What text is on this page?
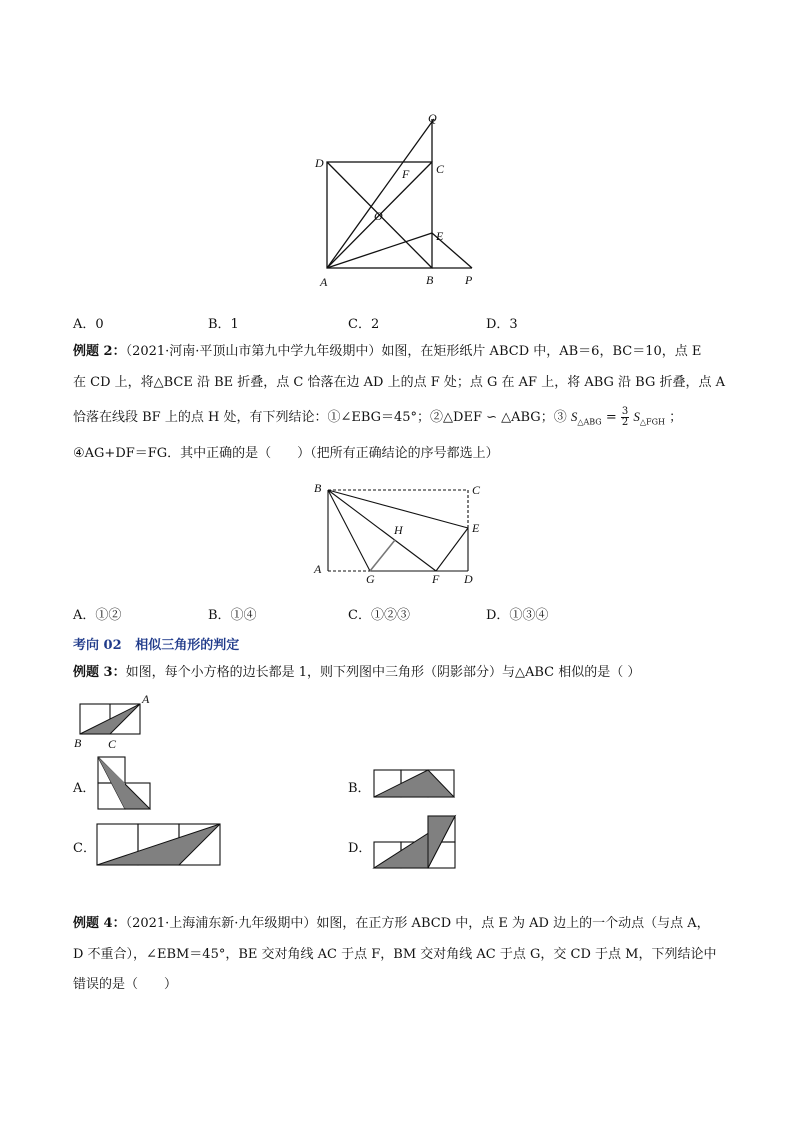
Q
D	C
F
O
E
A	B	P
A．0	B．1	C．2	D．3
例题 2：（2021·河南·平顶山市第九中学九年级期中）如图，在矩形纸片 ABCD 中，AB＝6，BC＝10，点 E
在 CD 上，将△BCE 沿 BE 折叠，点 C 恰落在边 AD 上的点 F 处；点 G 在 AF 上，将 ABG 沿 BG 折叠，点 A
恰落在线段 BF 上的点 H 处，有下列结论：①∠EBG＝45°；②△DEF ∽ △ABG；③ $S_{\triangle ABG} = \frac{3}{2} S_{\triangle FGH}$ ；
④AG+DF＝FG．其中正确的是（　　）（把所有正确结论的序号都选上）
B	C
H	E
A
G	F D
A．①②	B．①④	C．①②③	D．①③④
考向 02 相似三角形的判定
例题 3：如图，每个小方格的边长都是 1，则下列图中三角形（阴影部分）与△ABC 相似的是（ ）
A
B C
A．	B．
C．	D．
例题 4：（2021·上海浦东新·九年级期中）如图，在正方形 ABCD 中，点 E 为 AD 边上的一个动点（与点 A，
D 不重合），∠EBM＝45°，BE 交对角线 AC 于点 F，BM 交对角线 AC 于点 G，交 CD 于点 M，下列结论中
错误的是（　　）
